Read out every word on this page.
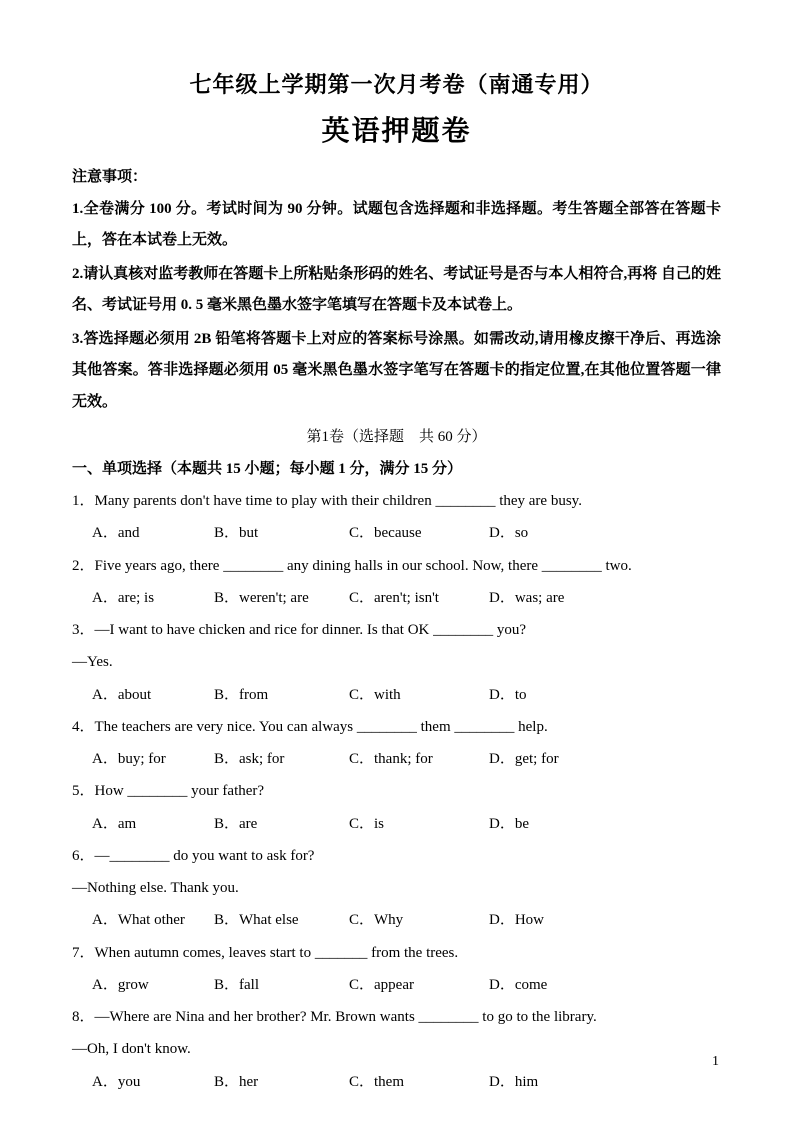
七年级上学期第一次月考卷（南通专用）
英语押题卷
注意事项：

1.全卷满分 100 分。考试时间为 90 分钟。试题包含选择题和非选择题。考生答题全部答在答题卡上，答在本试卷上无效。

2.请认真核对监考教师在答题卡上所粘贴条形码的姓名、考试证号是否与本人相符合,再将 自己的姓名、考试证号用 0. 5 毫米黑色墨水签字笔填写在答题卡及本试卷上。

3.答选择题必须用 2B 铅笔将答题卡上对应的答案标号涂黑。如需改动,请用橡皮擦干净后、再选涂其他答案。答非选择题必须用 05 毫米黑色墨水签字笔写在答题卡的指定位置,在其他位置答题一律无效。

第1卷（选择题　共 60 分）
一、单项选择（本题共 15 小题；每小题 1 分，满分 15 分）
1．Many parents don't have time to play with their children ________ they are busy.
A．and	B．but	C．because	D．so
2．Five years ago, there ________ any dining halls in our school. Now, there ________ two.
A．are; is	B．weren't; are	C．aren't; isn't	D．was; are
3．—I want to have chicken and rice for dinner. Is that OK ________ you?
—Yes.
A．about	B．from	C．with	D．to
4．The teachers are very nice. You can always ________ them ________ help.
A．buy; for	B．ask; for	C．thank; for	D．get; for
5．How ________ your father?
A．am	B．are	C．is	D．be
6．—________ do you want to ask for?
—Nothing else. Thank you.
A．What other	B．What else	C．Why	D．How
7．When autumn comes, leaves start to _______ from the trees.
A．grow	B．fall	C．appear	D．come
8．—Where are Nina and her brother? Mr. Brown wants ________ to go to the library.
—Oh, I don't know.
A．you	B．her	C．them	D．him
1
